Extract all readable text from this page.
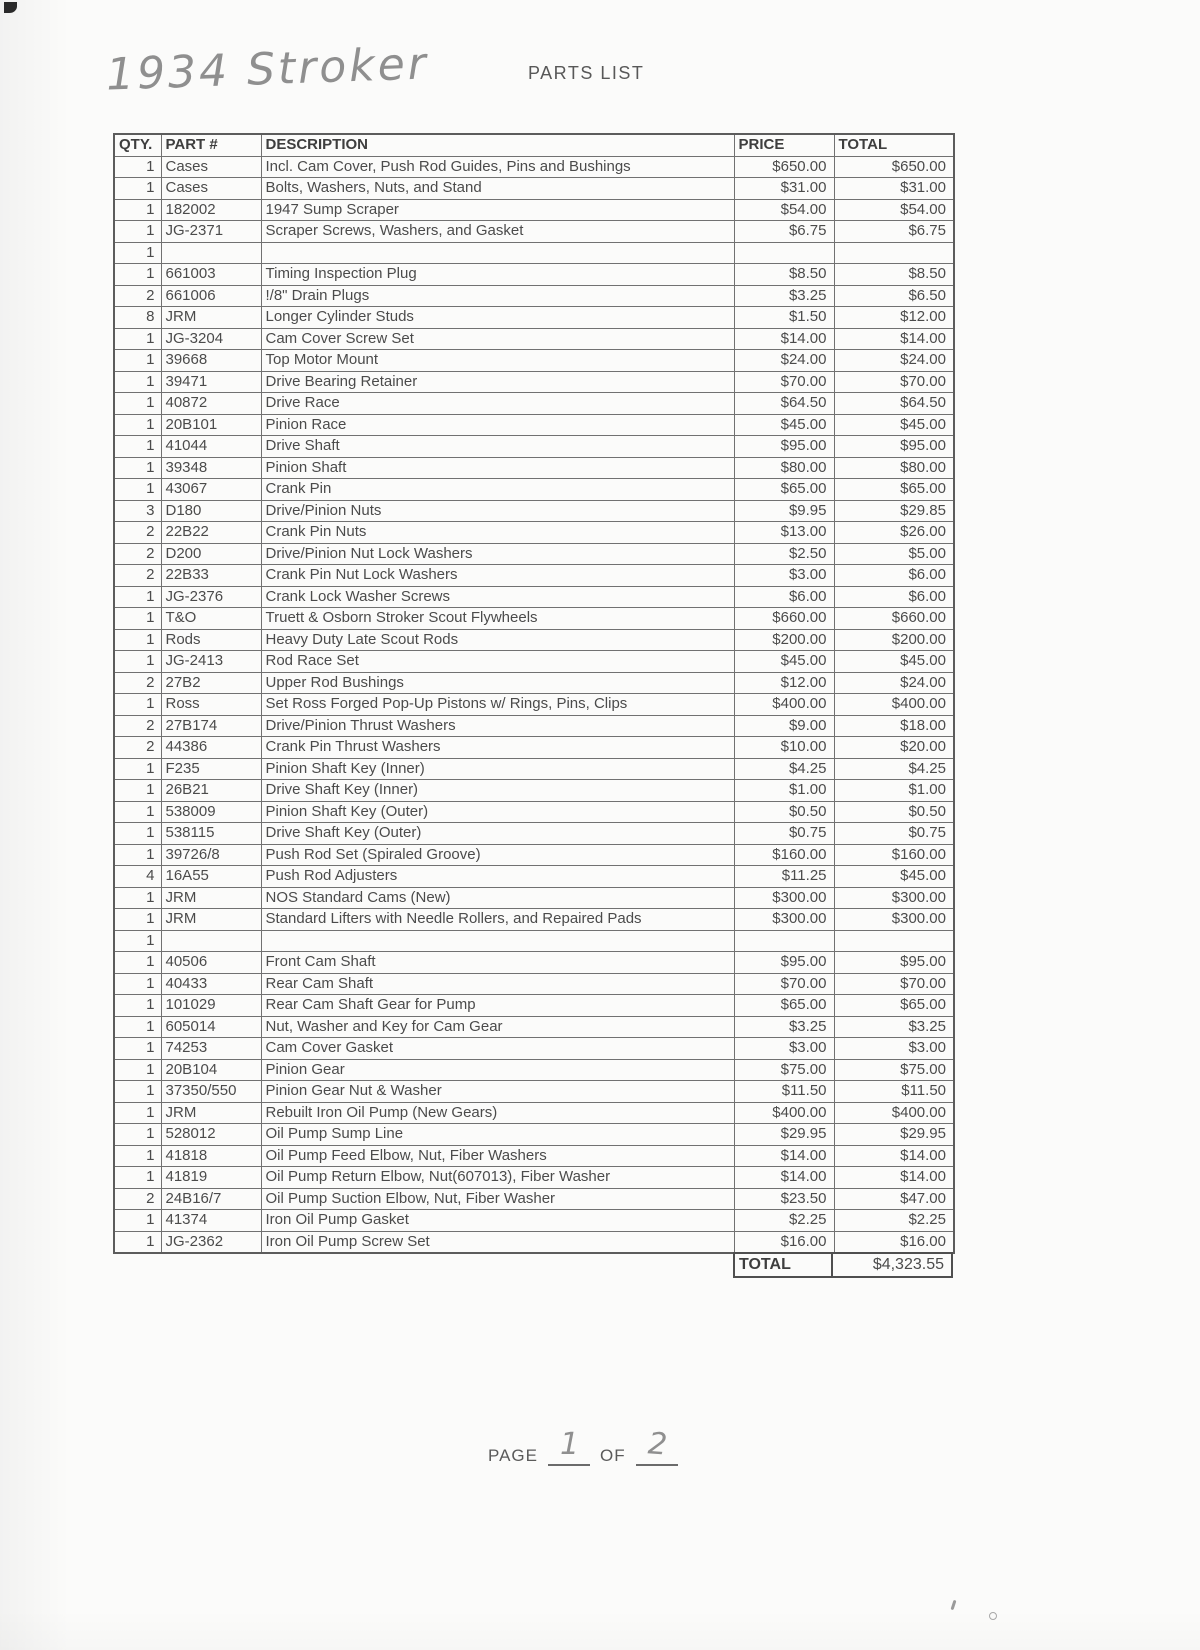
1934 Stroker	PARTS LIST
QTY.	PART #	DESCRIPTION	PRICE	TOTAL
1	Cases	Incl. Cam Cover, Push Rod Guides, Pins and Bushings	$650.00	$650.00
1	Cases	Bolts, Washers, Nuts, and Stand	$31.00	$31.00
1	182002	1947 Sump Scraper	$54.00	$54.00
1	JG-2371	Scraper Screws, Washers, and Gasket	$6.75	$6.75
1				
1	661003	Timing Inspection Plug	$8.50	$8.50
2	661006	!/8" Drain Plugs	$3.25	$6.50
8	JRM	Longer Cylinder Studs	$1.50	$12.00
1	JG-3204	Cam Cover Screw Set	$14.00	$14.00
1	39668	Top Motor Mount	$24.00	$24.00
1	39471	Drive Bearing Retainer	$70.00	$70.00
1	40872	Drive Race	$64.50	$64.50
1	20B101	Pinion Race	$45.00	$45.00
1	41044	Drive Shaft	$95.00	$95.00
1	39348	Pinion Shaft	$80.00	$80.00
1	43067	Crank Pin	$65.00	$65.00
3	D180	Drive/Pinion Nuts	$9.95	$29.85
2	22B22	Crank Pin Nuts	$13.00	$26.00
2	D200	Drive/Pinion Nut Lock Washers	$2.50	$5.00
2	22B33	Crank Pin Nut Lock Washers	$3.00	$6.00
1	JG-2376	Crank Lock Washer Screws	$6.00	$6.00
1	T&O	Truett & Osborn Stroker Scout Flywheels	$660.00	$660.00
1	Rods	Heavy Duty Late Scout Rods	$200.00	$200.00
1	JG-2413	Rod Race Set	$45.00	$45.00
2	27B2	Upper Rod Bushings	$12.00	$24.00
1	Ross	Set Ross Forged Pop-Up Pistons w/ Rings, Pins, Clips	$400.00	$400.00
2	27B174	Drive/Pinion Thrust Washers	$9.00	$18.00
2	44386	Crank Pin Thrust Washers	$10.00	$20.00
1	F235	Pinion Shaft Key (Inner)	$4.25	$4.25
1	26B21	Drive Shaft Key (Inner)	$1.00	$1.00
1	538009	Pinion Shaft Key (Outer)	$0.50	$0.50
1	538115	Drive Shaft Key (Outer)	$0.75	$0.75
1	39726/8	Push Rod Set (Spiraled Groove)	$160.00	$160.00
4	16A55	Push Rod Adjusters	$11.25	$45.00
1	JRM	NOS Standard Cams (New)	$300.00	$300.00
1	JRM	Standard Lifters with Needle Rollers, and Repaired Pads	$300.00	$300.00
1				
1	40506	Front Cam Shaft	$95.00	$95.00
1	40433	Rear Cam Shaft	$70.00	$70.00
1	101029	Rear Cam Shaft Gear for Pump	$65.00	$65.00
1	605014	Nut, Washer and Key for Cam Gear	$3.25	$3.25
1	74253	Cam Cover Gasket	$3.00	$3.00
1	20B104	Pinion Gear	$75.00	$75.00
1	37350/550	Pinion Gear Nut & Washer	$11.50	$11.50
1	JRM	Rebuilt Iron Oil Pump (New Gears)	$400.00	$400.00
1	528012	Oil Pump Sump Line	$29.95	$29.95
1	41818	Oil Pump Feed Elbow, Nut, Fiber Washers	$14.00	$14.00
1	41819	Oil Pump Return Elbow, Nut(607013), Fiber Washer	$14.00	$14.00
2	24B16/7	Oil Pump Suction Elbow, Nut, Fiber Washer	$23.50	$47.00
1	41374	Iron Oil Pump Gasket	$2.25	$2.25
1	JG-2362	Iron Oil Pump Screw Set	$16.00	$16.00
TOTAL	$4,323.55
PAGE 1 OF 2
